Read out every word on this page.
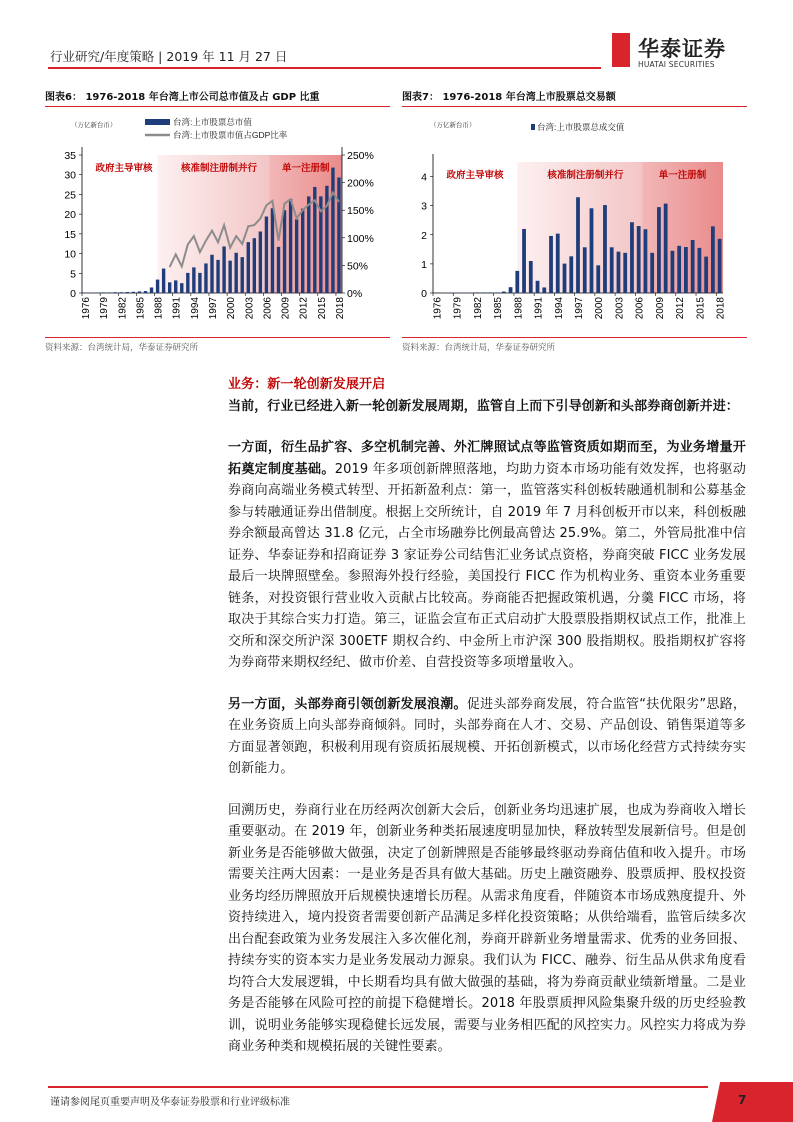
行业研究/年度策略 | 2019 年 11 月 27 日	华泰证券
HUATAI SECURITIES
图表6： 1976-2018 年台湾上市公司总市值及占 GDP 比重
政府主导审核	核准制注册制并行	单一注册制
（万亿新台币）	台湾:上市股票总市值
台湾:上市股票市值占GDP比率
0
5
10
15
20
25
30
35
1976 1979 1982 1985 1988 1991 1994 1997 2000 2003 2006 2009 2012 2015 2018
0%
50%
100%
150%
200%
250%
资料来源：台湾统计局，华泰证券研究所
图表7： 1976-2018 年台湾上市股票总交易额
政府主导审核	核准制注册制并行	单一注册制
（万亿新台币）	台湾:上市股票总成交值
0
1
2
3
4
1976 1979 1982 1985 1988 1991 1994 1997 2000 2003 2006 2009 2012 2015 2018
资料来源：台湾统计局，华泰证券研究所
业务：新一轮创新发展开启
当前，行业已经进入新一轮创新发展周期，监管自上而下引导创新和头部券商创新并进：

一方面，衍生品扩容、多空机制完善、外汇牌照试点等监管资质如期而至，为业务增量开拓奠定制度基础。2019 年多项创新牌照落地，均助力资本市场功能有效发挥，也将驱动券商向高端业务模式转型、开拓新盈利点：第一，监管落实科创板转融通机制和公募基金参与转融通证券出借制度。根据上交所统计，自 2019 年 7 月科创板开市以来，科创板融券余额最高曾达 31.8 亿元，占全市场融券比例最高曾达 25.9%。第二，外管局批准中信证券、华泰证券和招商证券 3 家证券公司结售汇业务试点资格，券商突破 FICC 业务发展最后一块牌照壁垒。参照海外投行经验，美国投行 FICC 作为机构业务、重资本业务重要链条，对投资银行营业收入贡献占比较高。券商能否把握政策机遇，分羹 FICC 市场，将取决于其综合实力打造。第三，证监会宣布正式启动扩大股票股指期权试点工作，批准上交所和深交所沪深 300ETF 期权合约、中金所上市沪深 300 股指期权。股指期权扩容将为券商带来期权经纪、做市价差、自营投资等多项增量收入。

另一方面，头部券商引领创新发展浪潮。促进头部券商发展，符合监管“扶优限劣”思路，在业务资质上向头部券商倾斜。同时，头部券商在人才、交易、产品创设、销售渠道等多方面显著领跑，积极利用现有资质拓展规模、开拓创新模式，以市场化经营方式持续夯实创新能力。

回溯历史，券商行业在历经两次创新大会后，创新业务均迅速扩展，也成为券商收入增长重要驱动。在 2019 年，创新业务种类拓展速度明显加快，释放转型发展新信号。但是创新业务是否能够做大做强，决定了创新牌照是否能够最终驱动券商估值和收入提升。市场需要关注两大因素：一是业务是否具有做大基础。历史上融资融券、股票质押、股权投资业务均经历牌照放开后规模快速增长历程。从需求角度看，伴随资本市场成熟度提升、外资持续进入，境内投资者需要创新产品满足多样化投资策略；从供给端看，监管后续多次出台配套政策为业务发展注入多次催化剂，券商开辟新业务增量需求、优秀的业务回报、持续夯实的资本实力是业务发展动力源泉。我们认为 FICC、融券、衍生品从供求角度看均符合大发展逻辑，中长期看均具有做大做强的基础，将为券商贡献业绩新增量。二是业务是否能够在风险可控的前提下稳健增长。2018 年股票质押风险集聚升级的历史经验教训，说明业务能够实现稳健长远发展，需要与业务相匹配的风控实力。风控实力将成为券商业务种类和规模拓展的关键性要素。

谨请参阅尾页重要声明及华泰证券股票和行业评级标准	7
